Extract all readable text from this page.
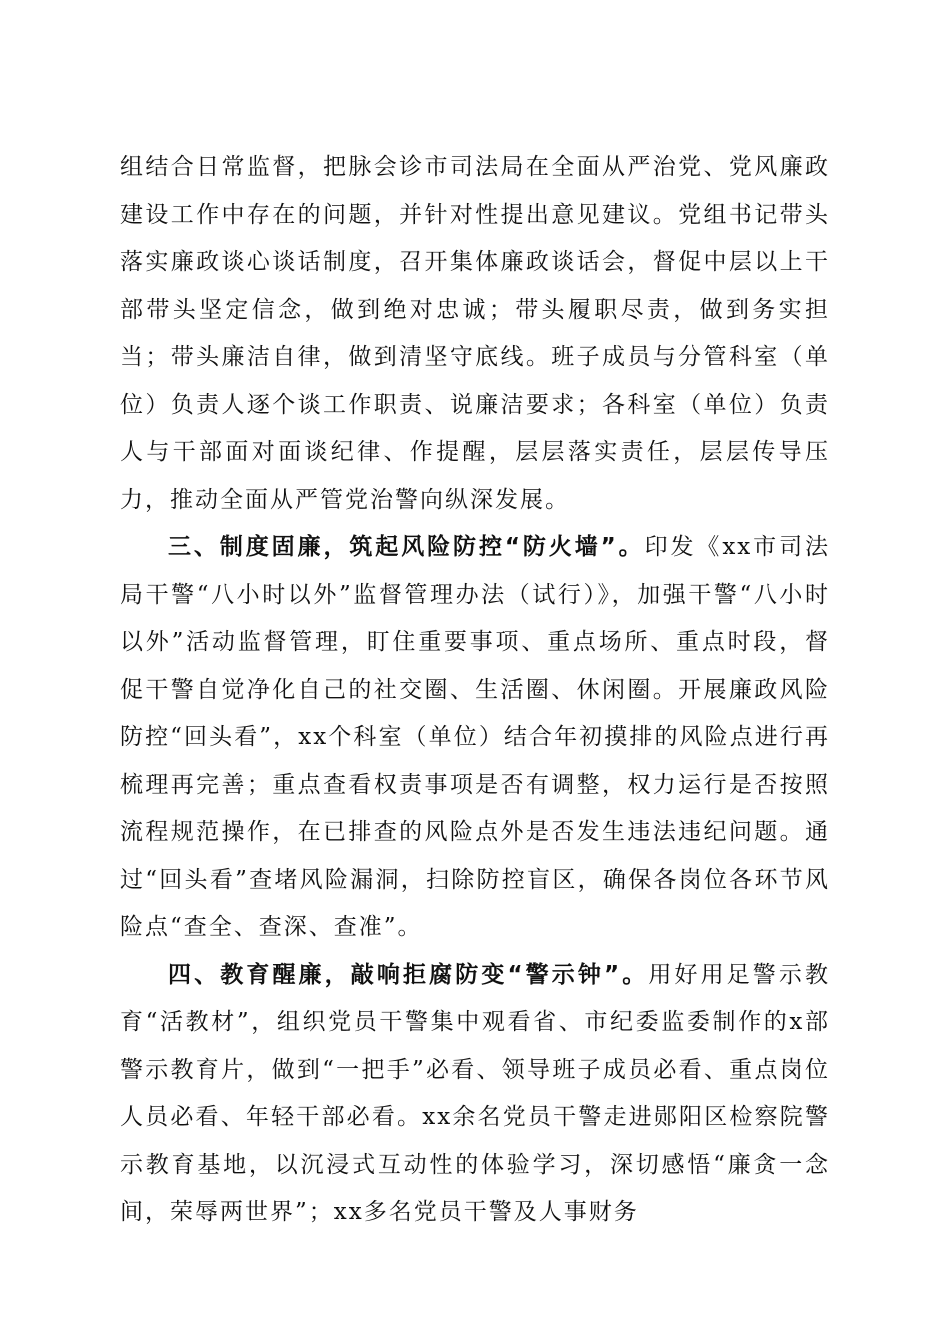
组结合日常监督，把脉会诊市司法局在全面从严治党、党风廉政建设工作中存在的问题，并针对性提出意见建议。党组书记带头落实廉政谈心谈话制度，召开集体廉政谈话会，督促中层以上干部带头坚定信念，做到绝对忠诚；带头履职尽责，做到务实担当；带头廉洁自律，做到清坚守底线。班子成员与分管科室（单位）负责人逐个谈工作职责、说廉洁要求；各科室（单位）负责人与干部面对面谈纪律、作提醒，层层落实责任，层层传导压力，推动全面从严管党治警向纵深发展。

三、制度固廉，筑起风险防控“防火墙”。印发《xx市司法局干警“八小时以外”监督管理办法（试行）》，加强干警“八小时以外”活动监督管理，盯住重要事项、重点场所、重点时段，督促干警自觉净化自己的社交圈、生活圈、休闲圈。开展廉政风险防控“回头看”，xx个科室（单位）结合年初摸排的风险点进行再梳理再完善；重点查看权责事项是否有调整，权力运行是否按照流程规范操作，在已排查的风险点外是否发生违法违纪问题。通过“回头看”查堵风险漏洞，扫除防控盲区，确保各岗位各环节风险点“查全、查深、查准”。

四、教育醒廉，敲响拒腐防变“警示钟”。用好用足警示教育“活教材”，组织党员干警集中观看省、市纪委监委制作的x部警示教育片，做到“一把手”必看、领导班子成员必看、重点岗位人员必看、年轻干部必看。xx余名党员干警走进郧阳区检察院警示教育基地，以沉浸式互动性的体验学习，深切感悟“廉贪一念间，荣辱两世界”；xx多名党员干警及人事财务
